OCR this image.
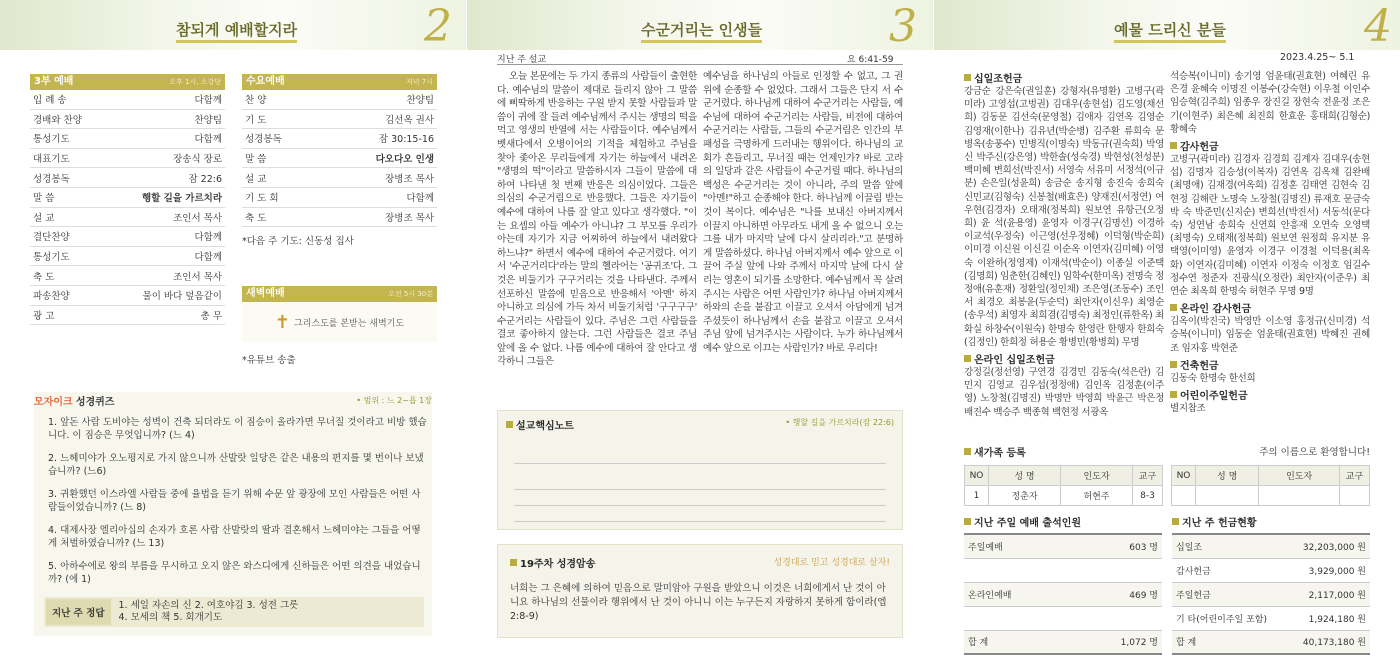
참되게 예배할지라	2
3부 예배	오후 1시, 소강당
입 례 송	다함께
경배와 찬양	찬양팀
통성기도	다함께
대표기도	장송식 장로
성경봉독	잠 22:6
말 씀	행할 길을 가르치라
설 교	조인서 목사
결단찬양	다함께
통성기도	다함께
축 도	조인서 목사
파송찬양	물이 바다 덮음같이
광 고	총 무
수요예배	저녁 7시
찬 양	찬양팀
기 도	김선옥 권사
성경봉독	잠 30:15-16
말 씀	다오다오 인생
설 교	장병조 목사
기 도 회	다함께
축 도	장병조 목사
*다음 주 기도: 신동성 집사
새벽예배	오전 5시 30분
✝ 그리스도를 본받는 새벽기도
*유튜브 송출
모자이크 성경퀴즈	• 범위 : 느 2~욥 1장
1. 앞돈 사람 도비야는 성벽이 건축 되더라도 이 짐승이 올라가면 무너질 것이라고 비방 했습니다. 이 짐승은 무엇입니까? (느 4)
2. 느헤미야가 오노평지로 가지 않으니까 산발랏 일당은 같은 내용의 편지를 몇 번이나 보냈습니까? (느6)
3. 귀환했던 이스라엘 사람들 중에 율법을 듣기 위해 수문 앞 광장에 모인 사람들은 어떤 사람들이었습니까? (느 8)
4. 대제사장 엘리아십의 손자가 호론 사람 산발랏의 딸과 결혼해서 느헤미야는 그들을 어떻게 처벌하였습니까? (느 13)
5. 아하수에로 왕의 부름을 무시하고 오지 않은 와스디에게 신하들은 어떤 의견을 내었습니까? (에 1)
지난 주 정답
1. 세일 자손의 신 2. 여호야김 3. 성전 그릇
4. 모세의 책 5. 회개기도
수군거리는 인생들	3
지난 주 설교	요 6:41-59
오늘 본문에는 두 가지 종류의 사람들이 출현한다. 예수님의 말씀이 제대로 들리지 않아 그 말씀에 삐딱하게 반응하는 구원 받지 못할 사람들과 말씀이 귀에 잘 들려 예수님께서 주시는 생명의 떡을 먹고 영생의 반열에 서는 사람들이다. 예수님께서 벳새다에서 오병이어의 기적을 체험하고 주님을 찾아 좇아온 무리들에게 자기는 하늘에서 내려온 "생명의 떡"이라고 말씀하시자 그들이 말씀에 대하여 나타낸 첫 번째 반응은 의심이었다. 그들은 의심의 수군거림으로 반응했다. 그들은 자기들이 예수에 대하여 나름 잘 알고 있다고 생각했다. "이는 요셉의 아들 예수가 아니냐? 그 부모를 우리가 아는데 자기가 지금 어찌하여 하늘에서 내려왔다 하느냐?" 하면서 예수에 대하여 수군거렸다. 여기서 '수군거리다'라는 말의 헬라어는 '공귀조'다. 그것은 비둘기가 구구거리는 것을 나타낸다. 주께서 선포하신 말씀에 믿음으로 반응해서 '아멘' 하지 아니하고 의심에 가득 차서 비둘기처럼 '구구구구' 수군거리는 사람들이 있다. 주님은 그런 사람들을 결코 좋아하지 않는다. 그런 사람들은 결코 주님 앞에 올 수 없다. 나름 예수에 대하여 잘 안다고 생각하니 그들은
예수님을 하나님의 아들로 인정할 수 없고, 그 권위에 순종할 수 없었다. 그래서 그들은 단지 서 수군거렸다. 하나님께 대하여 수군거리는 사람들, 예수님에 대하여 수군거리는 사람들, 비전에 대하여 수군거리는 사람들, 그들의 수군거림은 인간의 부패성을 극명하게 드러내는 행위이다. 하나님의 교회가 흔들리고, 무너질 때는 언제인가? 바로 고라의 일당과 같은 사람들이 수군거릴 때다. 하나님의 백성은 수군거리는 것이 아니라, 주의 말씀 앞에 "아멘!"하고 순종해야 한다. 하나님께 이끌림 받는 것이 복이다. 예수님은 "나를 보내신 아버지께서 이끌지 아니하면 아무라도 내게 올 수 없으니 오는 그를 내가 마지막 날에 다시 살리리라."고 분명하게 말씀하셨다. 하나님 아버지께서 예수 앞으로 이끌어 주실 앞에 나와 주께서 마지막 날에 다시 살리는 영혼이 되기를 소망한다. 예수님께서 꼭 살려주시는 사람은 어떤 사람인가? 하나님 아버지께서 하와의 손을 붙잡고 이끌고 오셔서 아담에게 넘겨주셨듯이 하나님께서 손을 붙잡고 이끌고 오셔서 주님 앞에 넘겨주시는 사람이다. 누가 하나님께서 예수 앞으로 이끄는 사람인가? 바로 우리다!
설교핵심노트	• 행할 길을 가르치라(잠 22:6)
19주차 성경암송	성경대로 믿고 성경대로 살자!
너희는 그 은혜에 의하여 믿음으로 말미암아 구원을 받았으니 이것은 너희에게서 난 것이 아니요 하나님의 선물이라 행위에서 난 것이 아니니 이는 누구든지 자랑하지 못하게 함이라(엡 2:8-9)
예물 드리신 분들	4
2023.4.25~ 5.1
십일조헌금
강금순 강은숙(권일훈) 강형자(유명환) 고병구(곽미라) 고영섭(고벙권) 김대우(송현섭) 김도영(채선희) 김동문 김선숙(문영철) 김애자 김연옥 김영순 김영재(이한나) 김유년(박순병) 김주환 류희숙 문병옥(송풍수) 민병직(이명숙) 박동규(권숙희) 박영신 박주신(강은영) 박한솔(성숙경) 박현성(천성분) 백미혜 변희선(박진서) 서영숙 서유미 서정석(이규분) 손은일(성윤희) 송금순 송지형 송진숙 송희숙 신민교(김형숙) 신봉철(배효은) 양재진(서정연) 여우현(김경자) 오태재(정복희) 원보연 유항근(오정희) 윤 석(윤용영) 윤영자 이경구(김명선) 이경하 이교석(우정숙) 이근영(선우정혜) 이덕형(박순희) 이미경 이신원 이신길 이순옥 이연자(김미혜) 이영숙 이완하(정영제) 이재석(박순이) 이종실 이준택(김명희) 임춘한(김혜인) 임학수(한미옥) 전명숙 정정애(유훈재) 정환일(정인채) 조은영(조동수) 조인서 최경오 최봉윤(두순덕) 최안자(이신우) 최영순(송우석) 최영자 최희겸(김명숙) 최정인(류한옥) 최화실 하창수(이원숙) 한명숙 한영란 한행자 한희숙(김정인) 한희정 허용순 황병민(황병희) 무명
온라인 십일조헌금
강정길(정선영) 구연경 김경민 김동숙(석은란) 김민지 김영교 김우섭(정정애) 김인옥 김정훈(이주영) 노창철(김명진) 박명만 박영희 박윤근 박은정 배진수 백승주 백종혁 백현정 서광옥
석승복(이니미) 송기영 엄윤태(권효현) 여혜린 유은경 윤혜숙 이명진 이봉수(강숙현) 이우철 이인수 임승혁(김주희) 임종우 장진길 장현숙 전윤정 조은기(이현주) 최은혜 최진희 한효운 홍태희(김형순) 황혜숙
감사헌금
고병구(곽미라) 김경자 김경희 김계자 김대우(송현섭) 김명자 김승성(이복자) 김연옥 김옥채 김완배(최명애) 김재경(여옥희) 김정훈 김태연 김현숙 김현정 김해란 노명숙 노장철(김명진) 류재호 문금숙 박 숙 박준민(신지순) 변희선(박진서) 서동석(문다숙) 성연남 송희숙 신연희 안흥재 오연숙 오영택(최명숙) 오태재(정복희) 원보연 원정희 유지분 유택영(이미영) 윤영자 이경구 이경철 이덕용(최옥화) 이연자(김미혜) 이연자 이정숙 이정호 임길수 정수연 정준자 진광식(오정란) 최안자(이준우) 최연순 최옥희 한명숙 허현주 무명 9명
온라인 감사헌금
김옥이(박진국) 박영만 이소영 홍정규(신미경) 석승복(이니미) 임동순 엄윤태(권효현) 박혜진 권혜조 임자홍 박현준
건축헌금
김동숙 한명숙 한선희
어린이주일헌금
별지참조
새가족 등록	주의 이름으로 환영합니다!
NO	성 명	인도자	교구
1	정춘자	허현주	8-3
NO	성 명	인도자	교구

지난 주일 예배 출석인원
주일예배	603 명

온라인예배	469 명

합 계	1,072 명
지난 주 헌금현황
십일조	32,203,000 원
감사헌금	3,929,000 원
주일헌금	2,117,000 원
기 타(어린이주일 포함)	1,924,180 원
합 계	40,173,180 원
